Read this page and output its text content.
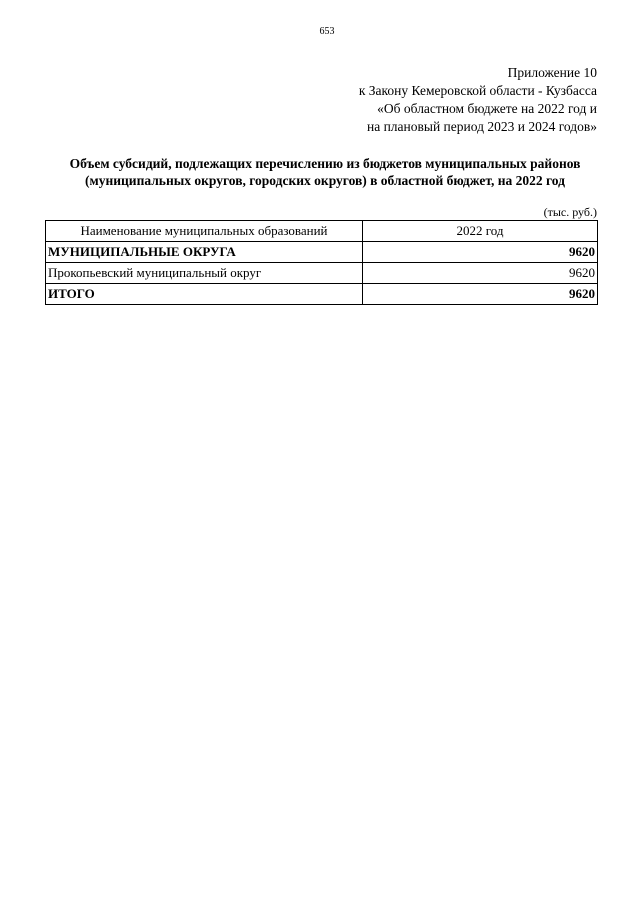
653
Приложение 10
к Закону Кемеровской области - Кузбасса
«Об областном бюджете на 2022 год и
на плановый период 2023 и 2024 годов»
Объем субсидий, подлежащих перечислению из бюджетов муниципальных районов
(муниципальных округов, городских округов) в областной бюджет, на 2022 год
(тыс. руб.)
Наименование муниципальных образований	2022 год
МУНИЦИПАЛЬНЫЕ ОКРУГА	9620
Прокопьевский муниципальный округ	9620
ИТОГО	9620
